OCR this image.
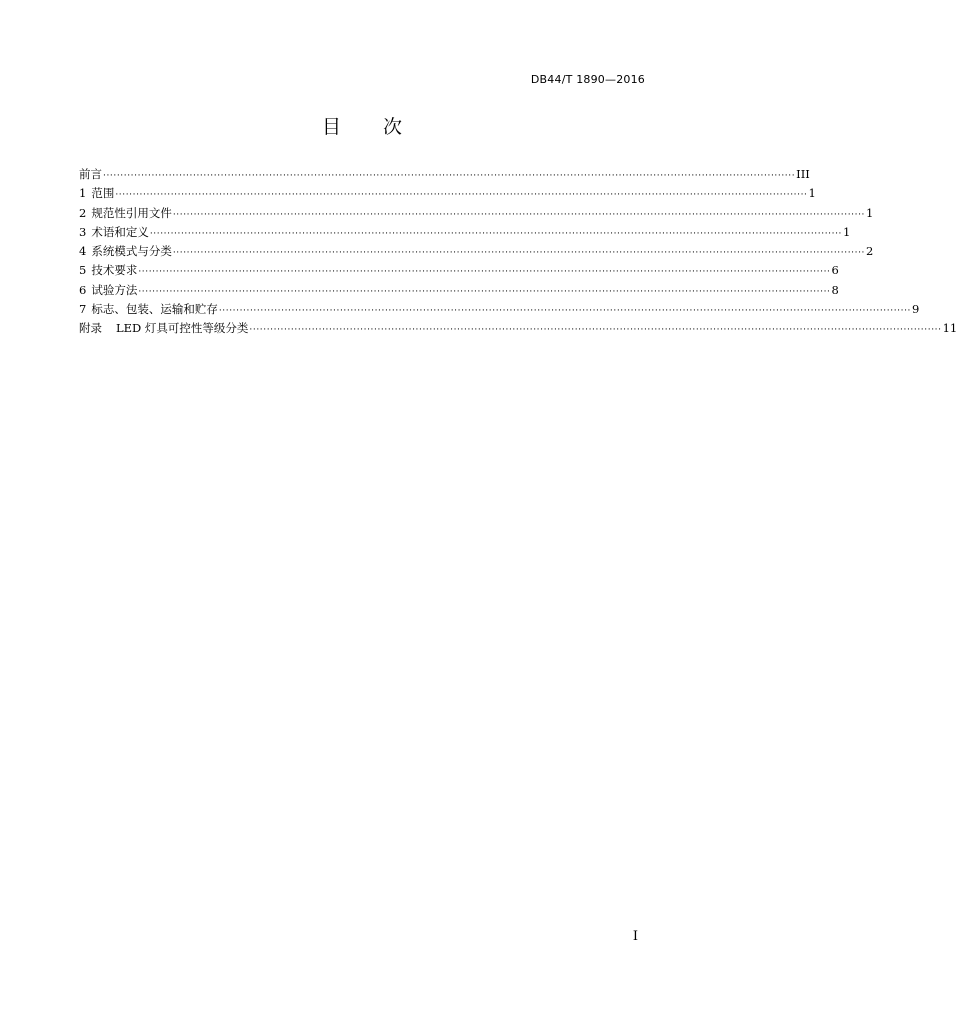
DB44/T 1890—2016
目 次
前言 ········································································································································································································ III
1 范围 ········································································································································································································ 1
2 规范性引用文件 ········································································································································································································ 1
3 术语和定义 ········································································································································································································ 1
4 系统模式与分类 ········································································································································································································ 2
5 技术要求 ········································································································································································································ 6
6 试验方法 ········································································································································································································ 8
7 标志、包装、运输和贮存 ········································································································································································································ 9
附录 LED 灯具可控性等级分类 ········································································································································································································ 11
I
